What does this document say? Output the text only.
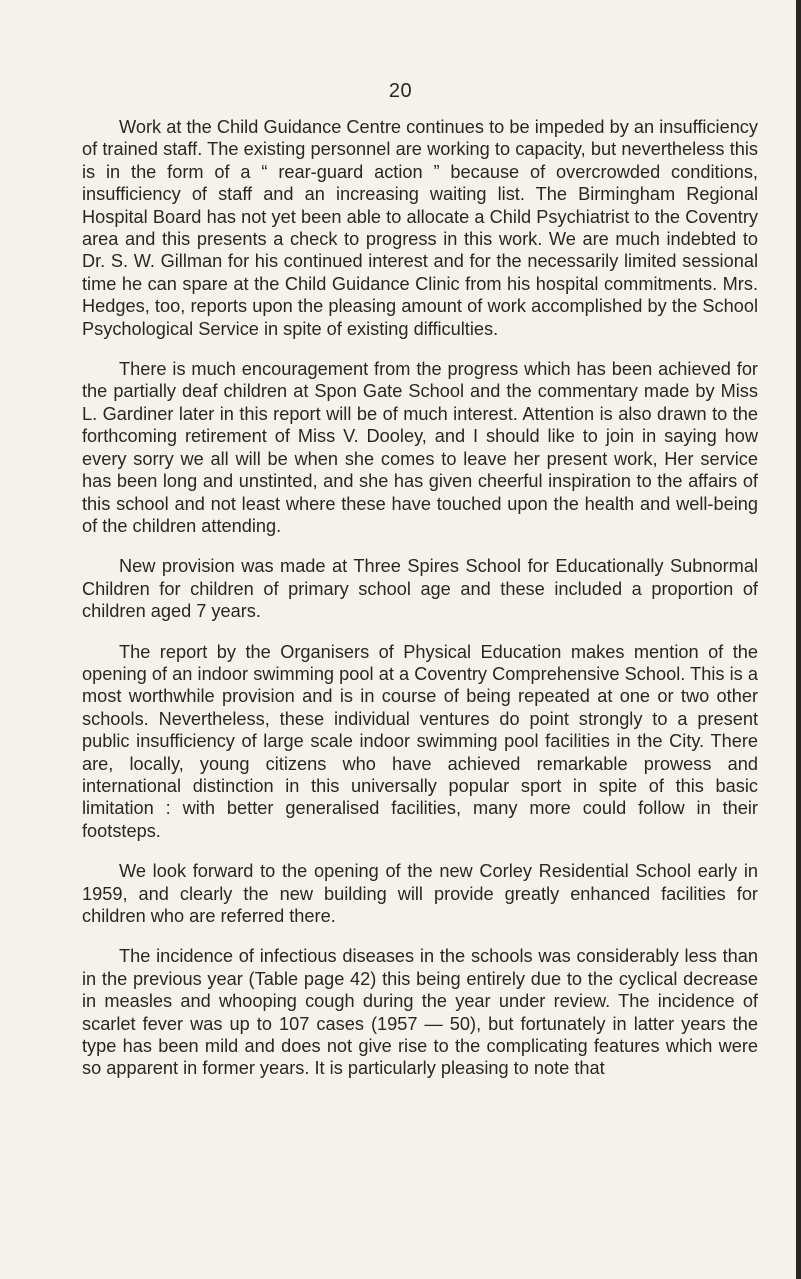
20

Work at the Child Guidance Centre continues to be impeded by an insufficiency of trained staff. The existing personnel are working to capacity, but nevertheless this is in the form of a “ rear-guard action ” because of overcrowded conditions, insufficiency of staff and an increasing waiting list. The Birmingham Regional Hospital Board has not yet been able to allocate a Child Psychiatrist to the Coventry area and this presents a check to progress in this work. We are much indebted to Dr. S. W. Gillman for his continued interest and for the necessarily limited sessional time he can spare at the Child Guidance Clinic from his hospital commitments. Mrs. Hedges, too, reports upon the pleasing amount of work accomplished by the School Psychological Service in spite of existing difficulties.

There is much encouragement from the progress which has been achieved for the partially deaf children at Spon Gate School and the commentary made by Miss L. Gardiner later in this report will be of much interest. Attention is also drawn to the forthcoming retirement of Miss V. Dooley, and I should like to join in saying how every sorry we all will be when she comes to leave her present work, Her service has been long and unstinted, and she has given cheerful inspiration to the affairs of this school and not least where these have touched upon the health and well-being of the children attending.

New provision was made at Three Spires School for Educationally Subnormal Children for children of primary school age and these included a proportion of children aged 7 years.

The report by the Organisers of Physical Education makes mention of the opening of an indoor swimming pool at a Coventry Comprehensive School. This is a most worthwhile provision and is in course of being repeated at one or two other schools. Nevertheless, these individual ventures do point strongly to a present public insufficiency of large scale indoor swimming pool facilities in the City. There are, locally, young citizens who have achieved remarkable prowess and international distinction in this universally popular sport in spite of this basic limitation : with better generalised facilities, many more could follow in their footsteps.

We look forward to the opening of the new Corley Residential School early in 1959, and clearly the new building will provide greatly enhanced facilities for children who are referred there.

The incidence of infectious diseases in the schools was considerably less than in the previous year (Table page 42) this being entirely due to the cyclical decrease in measles and whooping cough during the year under review. The incidence of scarlet fever was up to 107 cases (1957 — 50), but fortunately in latter years the type has been mild and does not give rise to the complicating features which were so apparent in former years. It is particularly pleasing to note that
